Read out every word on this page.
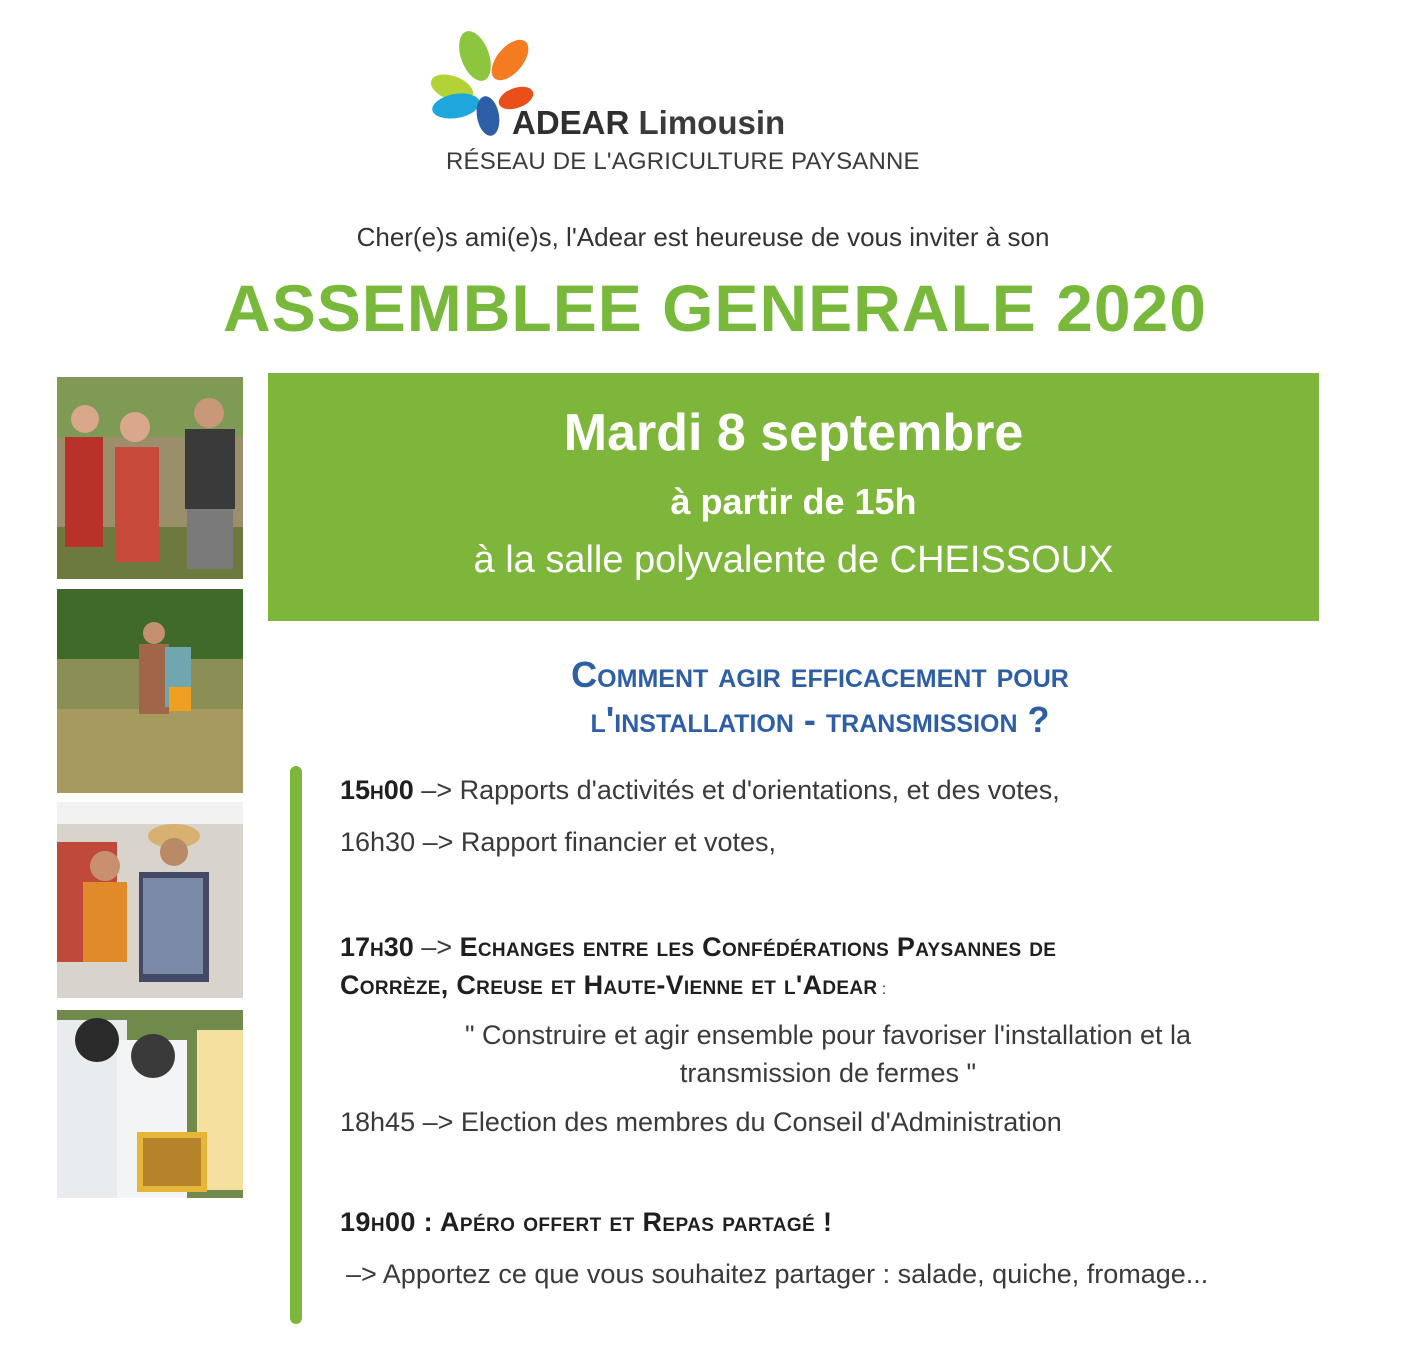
ADEAR Limousin
RÉSEAU DE L'AGRICULTURE PAYSANNE
Cher(e)s ami(e)s, l'Adear est heureuse de vous inviter à son
ASSEMBLEE GENERALE 2020
Mardi 8 septembre
à partir de 15h
à la salle polyvalente de CHEISSOUX
Comment agir efficacement pour
l'installation - transmission ?
15h00 –> Rapports d'activités et d'orientations, et des votes,
16h30 –> Rapport financier et votes,
17h30 –> Echanges entre les Confédérations Paysannes de
Corrèze, Creuse et Haute-Vienne et l'Adear :
" Construire et agir ensemble pour favoriser l'installation et la
transmission de fermes "
18h45 –> Election des membres du Conseil d'Administration
19h00 : Apéro offert et Repas partagé !
–> Apportez ce que vous souhaitez partager : salade, quiche, fromage...
